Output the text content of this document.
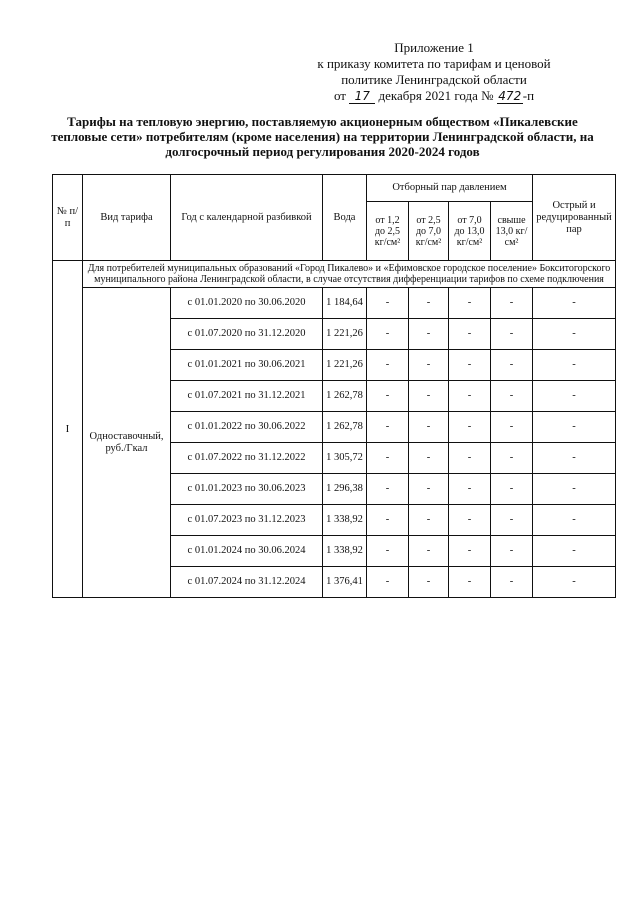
Приложение 1
к приказу комитета по тарифам и ценовой
политике Ленинградской области
от 17 декабря 2021 года № 472 -п
Тарифы на тепловую энергию, поставляемую акционерным обществом «Пикалевские тепловые сети» потребителям (кроме населения) на территории Ленинградской области, на долгосрочный период регулирования 2020-2024 годов
№ п/п	Вид тарифа	Год с календарной разбивкой	Вода	Отборный пар давлением				Острый и редуцированный пар
				от 1,2 до 2,5 кг/см²	от 2,5 до 7,0 кг/см²	от 7,0 до 13,0 кг/см²	свыше 13,0 кг/см²	
I	Для потребителей муниципальных образований «Город Пикалево» и «Ефимовское городское поселение» Бокситогорского муниципального района Ленинградской области, в случае отсутствия дифференциации тарифов по схеме подключения							
	Одноставочный, руб./Гкал	с 01.01.2020 по 30.06.2020	1 184,64	-	-	-	-	-
		с 01.07.2020 по 31.12.2020	1 221,26	-	-	-	-	-
		с 01.01.2021 по 30.06.2021	1 221,26	-	-	-	-	-
		с 01.07.2021 по 31.12.2021	1 262,78	-	-	-	-	-
		с 01.01.2022 по 30.06.2022	1 262,78	-	-	-	-	-
		с 01.07.2022 по 31.12.2022	1 305,72	-	-	-	-	-
		с 01.01.2023 по 30.06.2023	1 296,38	-	-	-	-	-
		с 01.07.2023 по 31.12.2023	1 338,92	-	-	-	-	-
		с 01.01.2024 по 30.06.2024	1 338,92	-	-	-	-	-
		с 01.07.2024 по 31.12.2024	1 376,41	-	-	-	-	-
